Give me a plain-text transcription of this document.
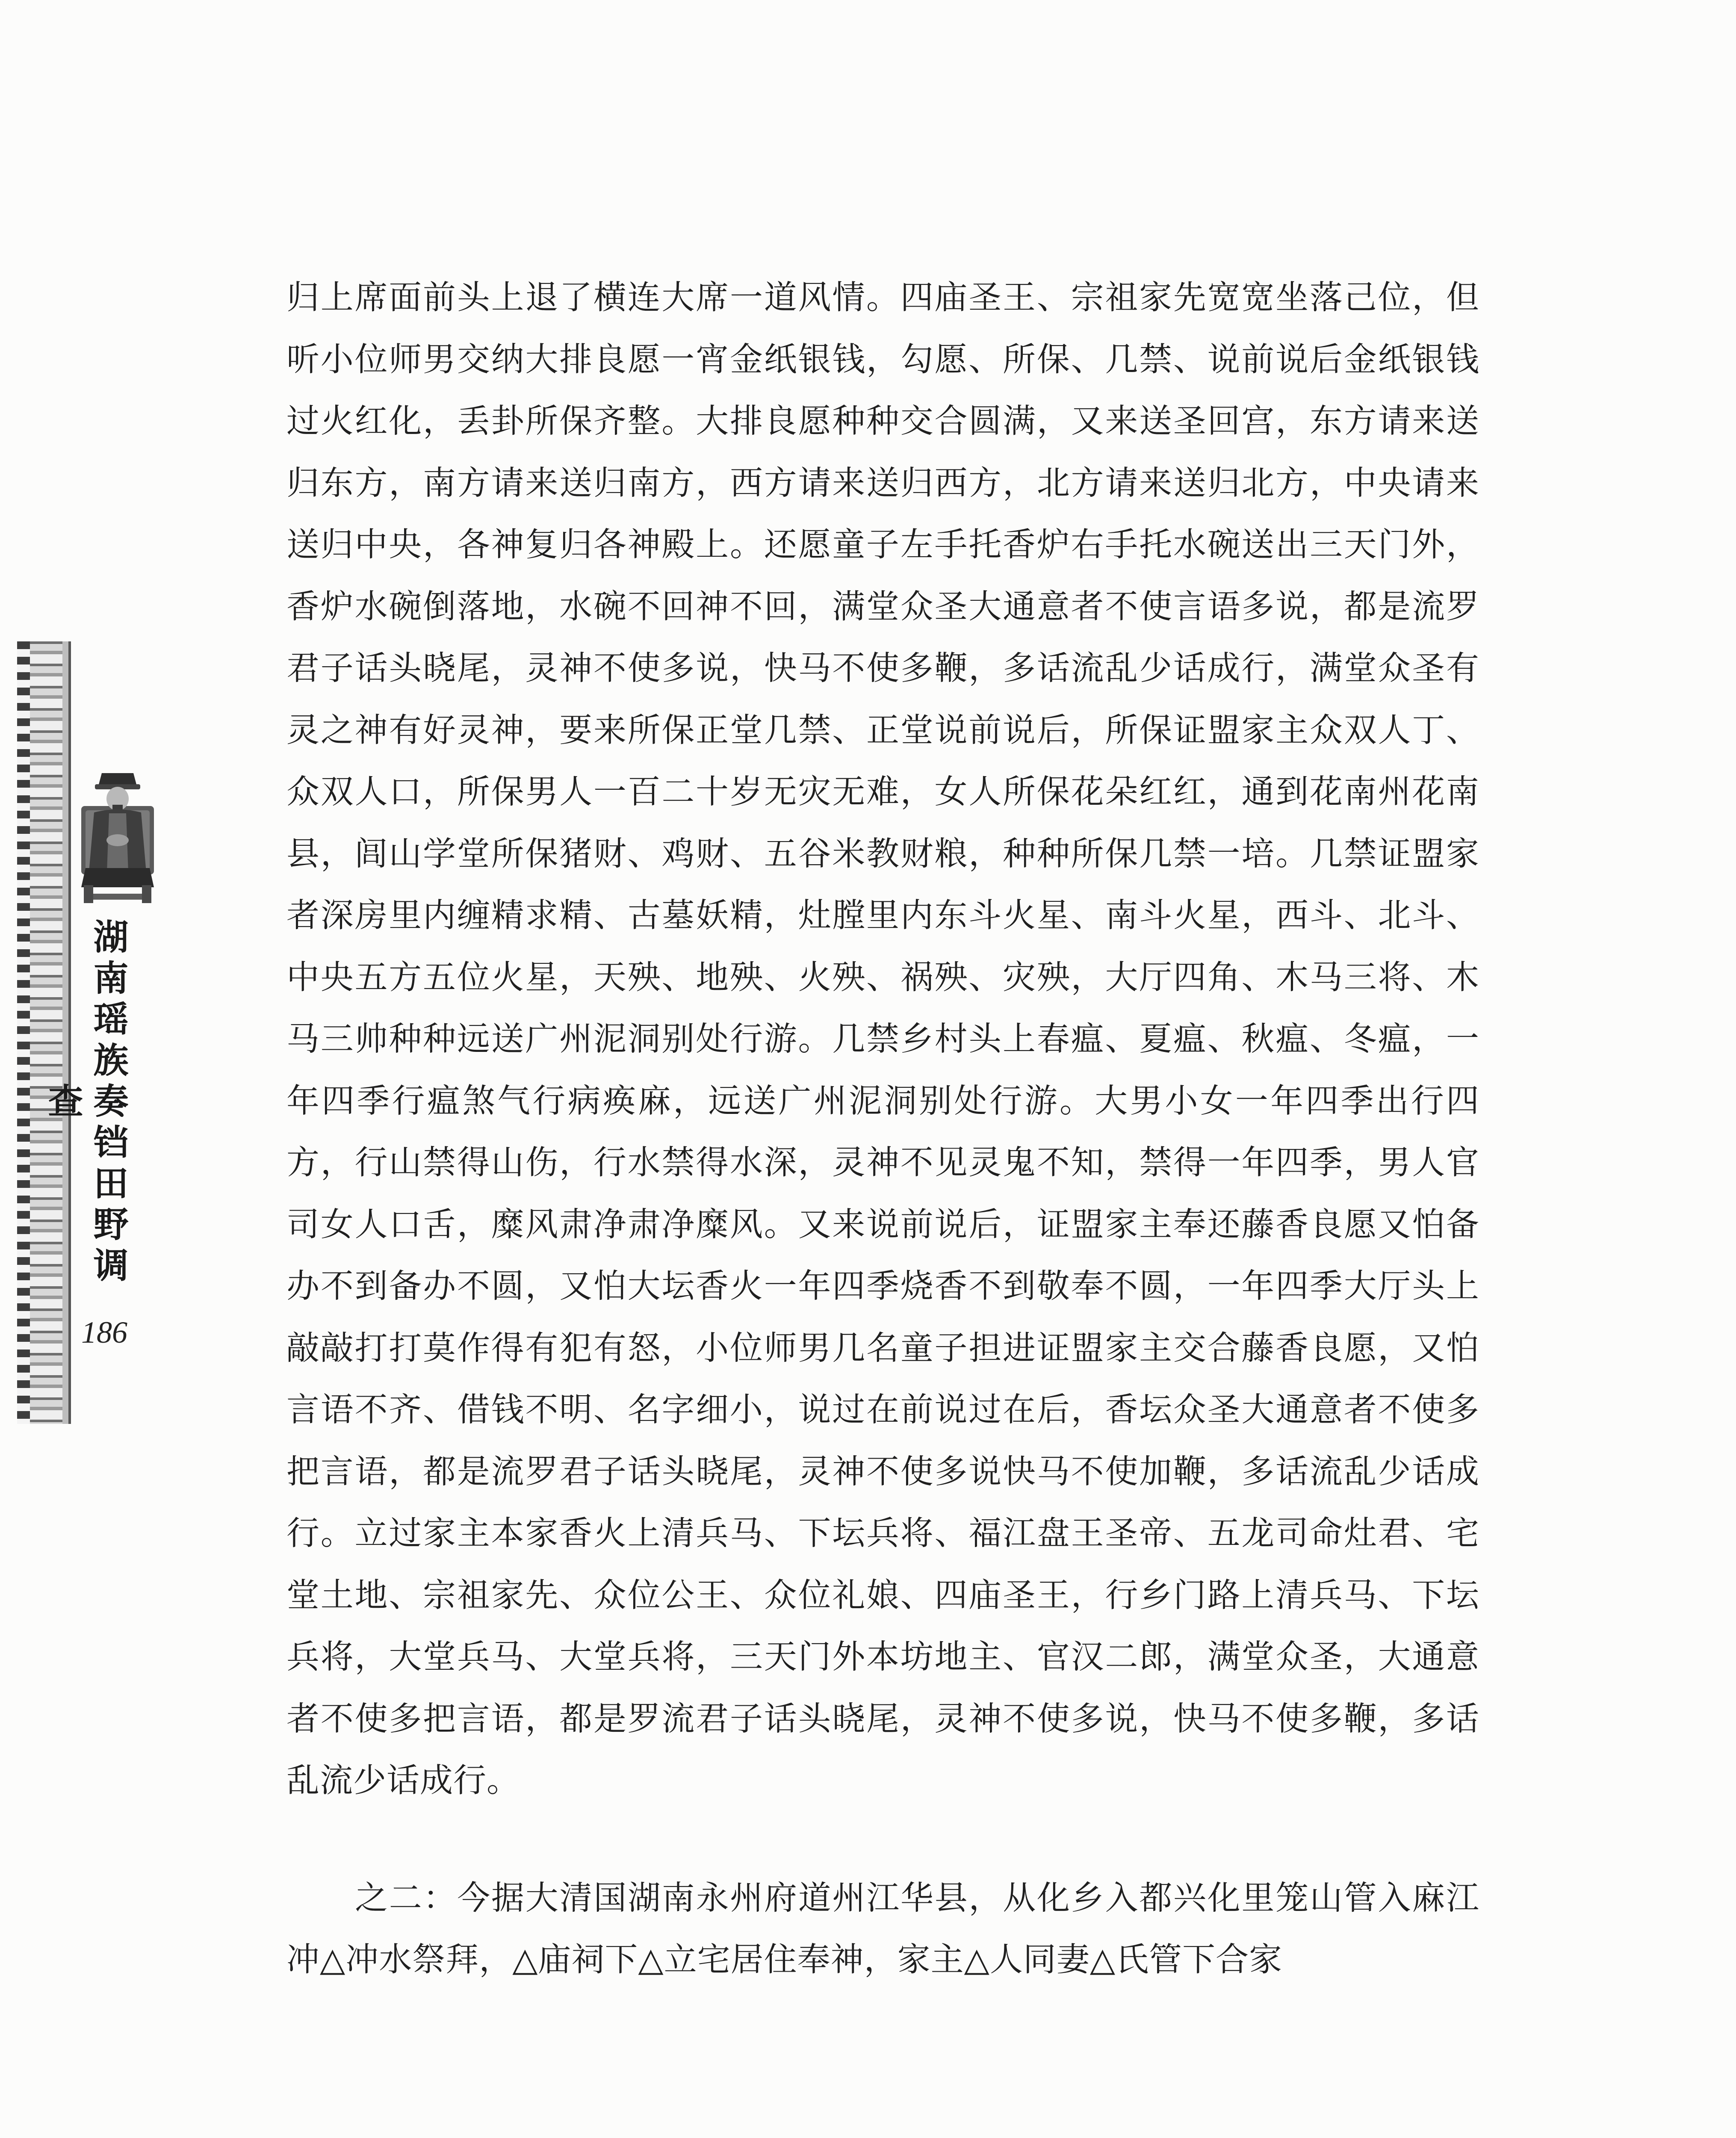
湖南瑶族奏铛田野调查
186

归上席面前头上退了横连大席一道风情。四庙圣王、宗祖家先宽宽坐落己位，但听小位师男交纳大排良愿一宵金纸银钱，勾愿、所保、几禁、说前说后金纸银钱过火红化，丢卦所保齐整。大排良愿种种交合圆满，又来送圣回宫，东方请来送归东方，南方请来送归南方，西方请来送归西方，北方请来送归北方，中央请来送归中央，各神复归各神殿上。还愿童子左手托香炉右手托水碗送出三天门外，香炉水碗倒落地，水碗不回神不回，满堂众圣大通意者不使言语多说，都是流罗君子话头晓尾，灵神不使多说，快马不使多鞭，多话流乱少话成行，满堂众圣有灵之神有好灵神，要来所保正堂几禁、正堂说前说后，所保证盟家主众双人丁、众双人口，所保男人一百二十岁无灾无难，女人所保花朵红红，通到花南州花南县，闾山学堂所保猪财、鸡财、五谷米教财粮，种种所保几禁一培。几禁证盟家者深房里内缠精求精、古墓妖精，灶膛里内东斗火星、南斗火星，西斗、北斗、中央五方五位火星，天殃、地殃、火殃、祸殃、灾殃，大厅四角、木马三将、木马三帅种种远送广州泥洞别处行游。几禁乡村头上春瘟、夏瘟、秋瘟、冬瘟，一年四季行瘟煞气行病痪麻，远送广州泥洞别处行游。大男小女一年四季出行四方，行山禁得山伤，行水禁得水深，灵神不见灵鬼不知，禁得一年四季，男人官司女人口舌，糜风肃净肃净糜风。又来说前说后，证盟家主奉还藤香良愿又怕备办不到备办不圆，又怕大坛香火一年四季烧香不到敬奉不圆，一年四季大厅头上敲敲打打莫作得有犯有怒，小位师男几名童子担进证盟家主交合藤香良愿，又怕言语不齐、借钱不明、名字细小，说过在前说过在后，香坛众圣大通意者不使多把言语，都是流罗君子话头晓尾，灵神不使多说快马不使加鞭，多话流乱少话成行。立过家主本家香火上清兵马、下坛兵将、福江盘王圣帝、五龙司命灶君、宅堂土地、宗祖家先、众位公王、众位礼娘、四庙圣王，行乡门路上清兵马、下坛兵将，大堂兵马、大堂兵将，三天门外本坊地主、官汉二郎，满堂众圣，大通意者不使多把言语，都是罗流君子话头晓尾，灵神不使多说，快马不使多鞭，多话乱流少话成行。

之二：今据大清国湖南永州府道州江华县，从化乡入都兴化里笼山管入麻江冲△冲水祭拜，△庙祠下△立宅居住奉神，家主△人同妻△氏管下合家
